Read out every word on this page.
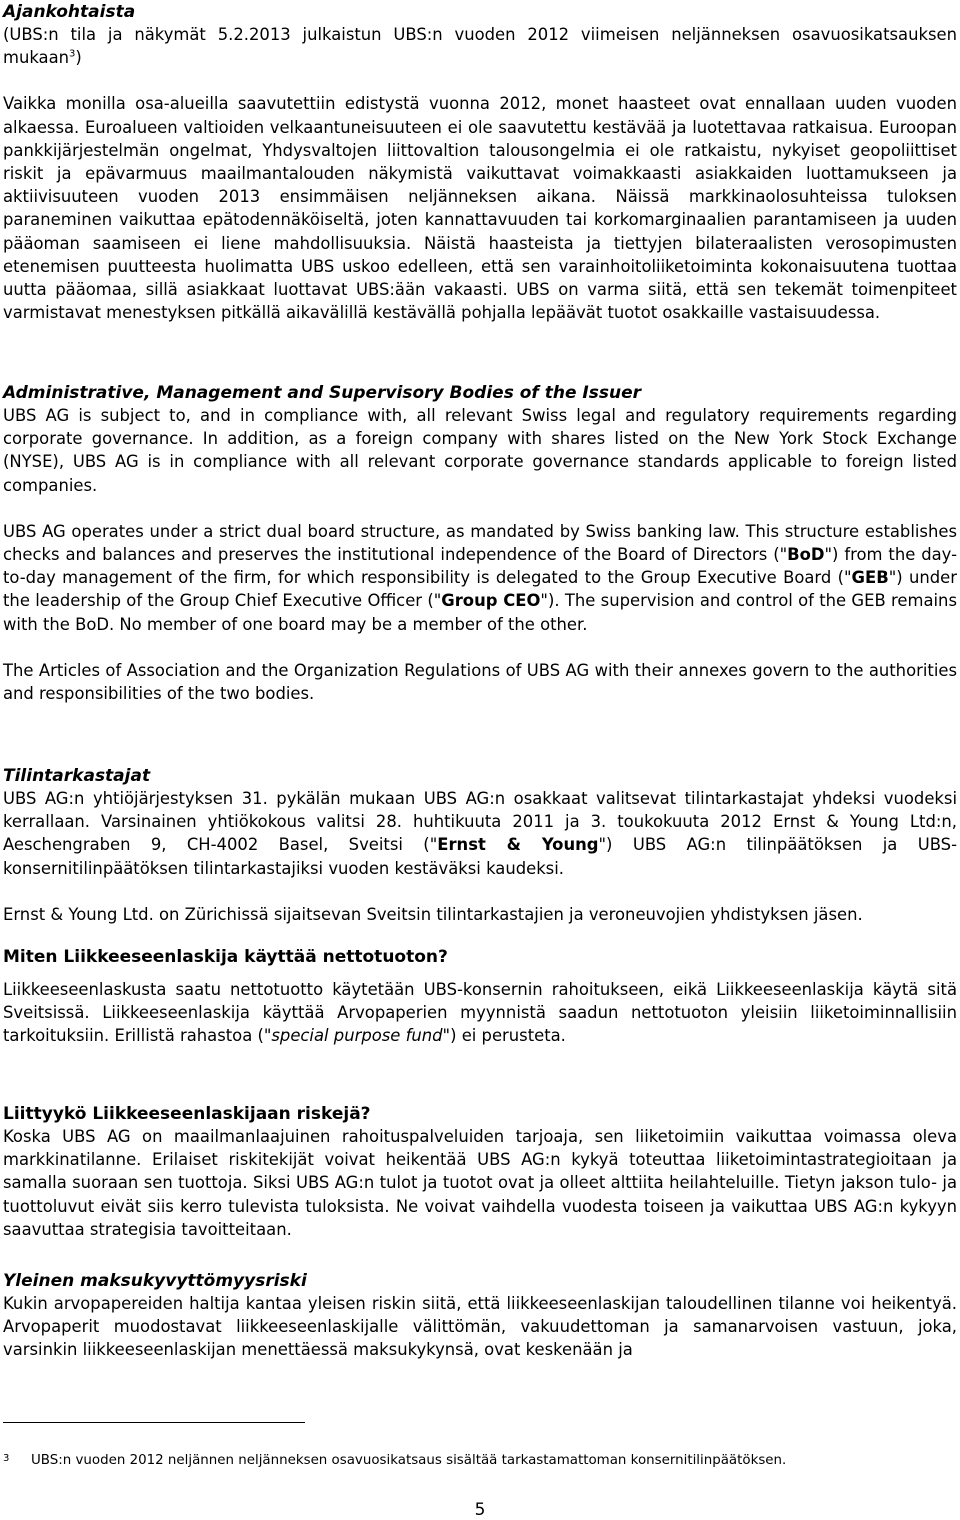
Ajankohtaista

(UBS:n tila ja näkymät 5.2.2013 julkaistun UBS:n vuoden 2012 viimeisen neljänneksen osavuosikatsauksen mukaan$^3$)

Vaikka monilla osa-alueilla saavutettiin edistystä vuonna 2012, monet haasteet ovat ennallaan uuden vuoden alkaessa. Euroalueen valtioiden velkaantuneisuuteen ei ole saavutettu kestävää ja luotettavaa ratkaisua. Euroopan pankkijärjestelmän ongelmat, Yhdysvaltojen liittovaltion talousongelmia ei ole ratkaistu, nykyiset geopoliittiset riskit ja epävarmuus maailmantalouden näkymistä vaikuttavat voimakkaasti asiakkaiden luottamukseen ja aktiivisuuteen vuoden 2013 ensimmäisen neljänneksen aikana. Näissä markkinaolosuhteissa tuloksen paraneminen vaikuttaa epätodennäköiseltä, joten kannattavuuden tai korkomarginaalien parantamiseen ja uuden pääoman saamiseen ei liene mahdollisuuksia. Näistä haasteista ja tiettyjen bilateraalisten verosopimusten etenemisen puutteesta huolimatta UBS uskoo edelleen, että sen varainhoitoliiketoiminta kokonaisuutena tuottaa uutta pääomaa, sillä asiakkaat luottavat UBS:ään vakaasti. UBS on varma siitä, että sen tekemät toimenpiteet varmistavat menestyksen pitkällä aikavälillä kestävällä pohjalla lepäävät tuotot osakkaille vastaisuudessa.

Administrative, Management and Supervisory Bodies of the Issuer

UBS AG is subject to, and in compliance with, all relevant Swiss legal and regulatory requirements regarding corporate governance. In addition, as a foreign company with shares listed on the New York Stock Exchange (NYSE), UBS AG is in compliance with all relevant corporate governance standards applicable to foreign listed companies.

UBS AG operates under a strict dual board structure, as mandated by Swiss banking law. This structure establishes checks and balances and preserves the institutional independence of the Board of Directors ("BoD") from the day-to-day management of the firm, for which responsibility is delegated to the Group Executive Board ("GEB") under the leadership of the Group Chief Executive Officer ("Group CEO"). The supervision and control of the GEB remains with the BoD. No member of one board may be a member of the other.

The Articles of Association and the Organization Regulations of UBS AG with their annexes govern to the authorities and responsibilities of the two bodies.

Tilintarkastajat

UBS AG:n yhtiöjärjestyksen 31. pykälän mukaan UBS AG:n osakkaat valitsevat tilintarkastajat yhdeksi vuodeksi kerrallaan. Varsinainen yhtiökokous valitsi 28. huhtikuuta 2011 ja 3. toukokuuta 2012 Ernst & Young Ltd:n, Aeschengraben 9, CH-4002 Basel, Sveitsi ("Ernst & Young") UBS AG:n tilinpäätöksen ja UBS-konsernitilinpäätöksen tilintarkastajiksi vuoden kestäväksi kaudeksi.

Ernst & Young Ltd. on Zürichissä sijaitsevan Sveitsin tilintarkastajien ja veroneuvojien yhdistyksen jäsen.

Miten Liikkeeseenlaskija käyttää nettotuoton?

Liikkeeseenlaskusta saatu nettotuotto käytetään UBS-konsernin rahoitukseen, eikä Liikkeeseenlaskija käytä sitä Sveitsissä. Liikkeeseenlaskija käyttää Arvopaperien myynnistä saadun nettotuoton yleisiin liiketoiminnallisiin tarkoituksiin. Erillistä rahastoa ("special purpose fund") ei perusteta.

Liittyykö Liikkeeseenlaskijaan riskejä?

Koska UBS AG on maailmanlaajuinen rahoituspalveluiden tarjoaja, sen liiketoimiin vaikuttaa voimassa oleva markkinatilanne. Erilaiset riskitekijät voivat heikentää UBS AG:n kykyä toteuttaa liiketoimintastrategioitaan ja samalla suoraan sen tuottoja. Siksi UBS AG:n tulot ja tuotot ovat ja olleet alttiita heilahteluille. Tietyn jakson tulo- ja tuottoluvut eivät siis kerro tulevista tuloksista. Ne voivat vaihdella vuodesta toiseen ja vaikuttaa UBS AG:n kykyyn saavuttaa strategisia tavoitteitaan.

Yleinen maksukyvyttömyysriski

Kukin arvopapereiden haltija kantaa yleisen riskin siitä, että liikkeeseenlaskijan taloudellinen tilanne voi heikentyä. Arvopaperit muodostavat liikkeeseenlaskijalle välittömän, vakuudettoman ja samanarvoisen vastuun, joka, varsinkin liikkeeseenlaskijan menettäessä maksukykynsä, ovat keskenään ja

3 UBS:n vuoden 2012 neljännen neljänneksen osavuosikatsaus sisältää tarkastamattoman konsernitilinpäätöksen.
5
